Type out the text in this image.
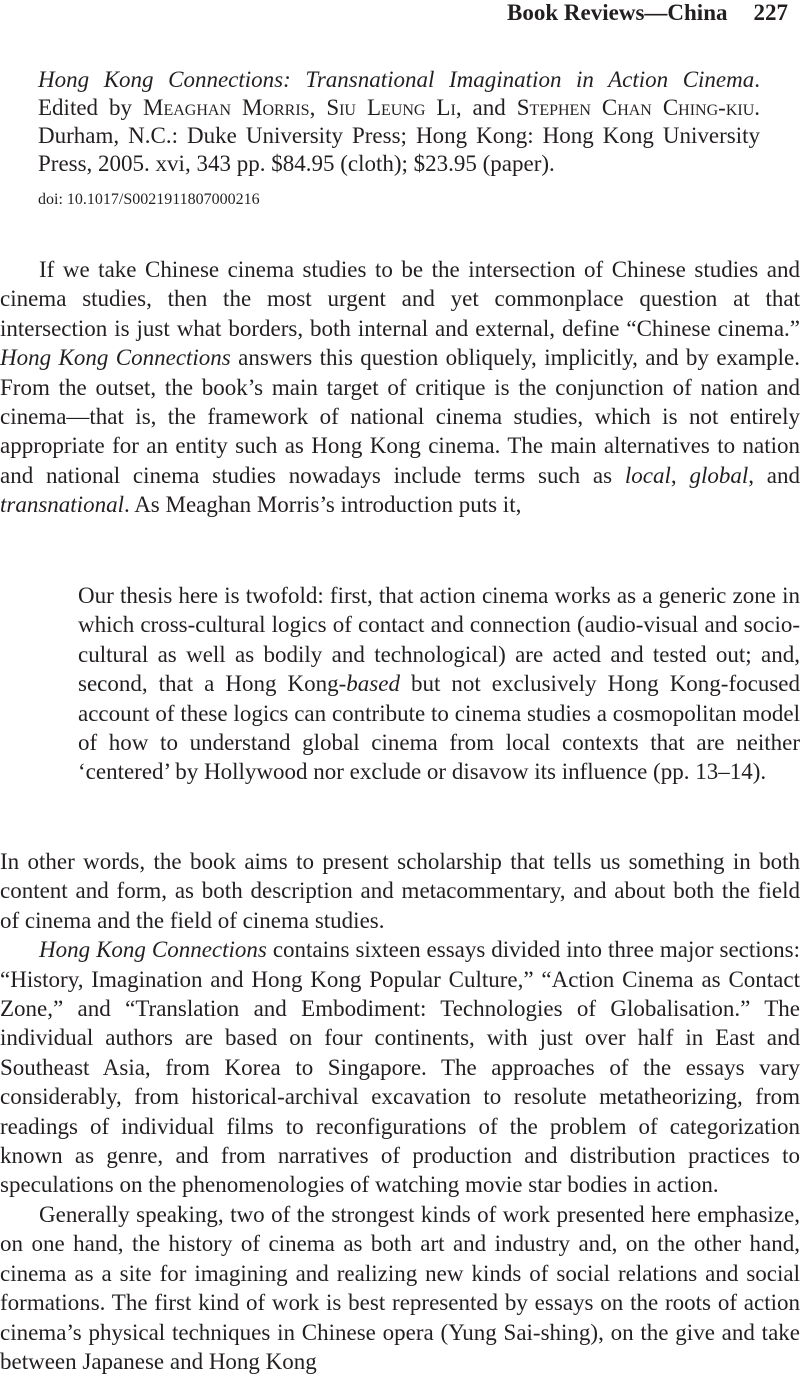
Book Reviews—China 227
Hong Kong Connections: Transnational Imagination in Action Cinema. Edited by Meaghan Morris, Siu Leung Li, and Stephen Chan Ching-kiu. Durham, N.C.: Duke University Press; Hong Kong: Hong Kong University Press, 2005. xvi, 343 pp. $84.95 (cloth); $23.95 (paper).
doi: 10.1017/S0021911807000216

If we take Chinese cinema studies to be the intersection of Chinese studies and cinema studies, then the most urgent and yet commonplace question at that intersection is just what borders, both internal and external, define “Chinese cinema.” Hong Kong Connections answers this question obliquely, implicitly, and by example. From the outset, the book’s main target of critique is the conjunction of nation and cinema—that is, the framework of national cinema studies, which is not entirely appropriate for an entity such as Hong Kong cinema. The main alternatives to nation and national cinema studies nowadays include terms such as local, global, and transnational. As Meaghan Morris’s introduction puts it,

Our thesis here is twofold: first, that action cinema works as a generic zone in which cross-cultural logics of contact and connection (audio-visual and socio-cultural as well as bodily and technological) are acted and tested out; and, second, that a Hong Kong-based but not exclusively Hong Kong-focused account of these logics can contribute to cinema studies a cosmopolitan model of how to understand global cinema from local contexts that are neither ‘centered’ by Hollywood nor exclude or disavow its influence (pp. 13–14).

In other words, the book aims to present scholarship that tells us something in both content and form, as both description and metacommentary, and about both the field of cinema and the field of cinema studies.

Hong Kong Connections contains sixteen essays divided into three major sections: “History, Imagination and Hong Kong Popular Culture,” “Action Cinema as Contact Zone,” and “Translation and Embodiment: Technologies of Globalisation.” The individual authors are based on four continents, with just over half in East and Southeast Asia, from Korea to Singapore. The approaches of the essays vary considerably, from historical-archival excavation to resolute metatheorizing, from readings of individual films to reconfigurations of the problem of categorization known as genre, and from narratives of production and distribution practices to speculations on the phenomenologies of watching movie star bodies in action.

Generally speaking, two of the strongest kinds of work presented here emphasize, on one hand, the history of cinema as both art and industry and, on the other hand, cinema as a site for imagining and realizing new kinds of social relations and social formations. The first kind of work is best represented by essays on the roots of action cinema’s physical techniques in Chinese opera (Yung Sai-shing), on the give and take between Japanese and Hong Kong
